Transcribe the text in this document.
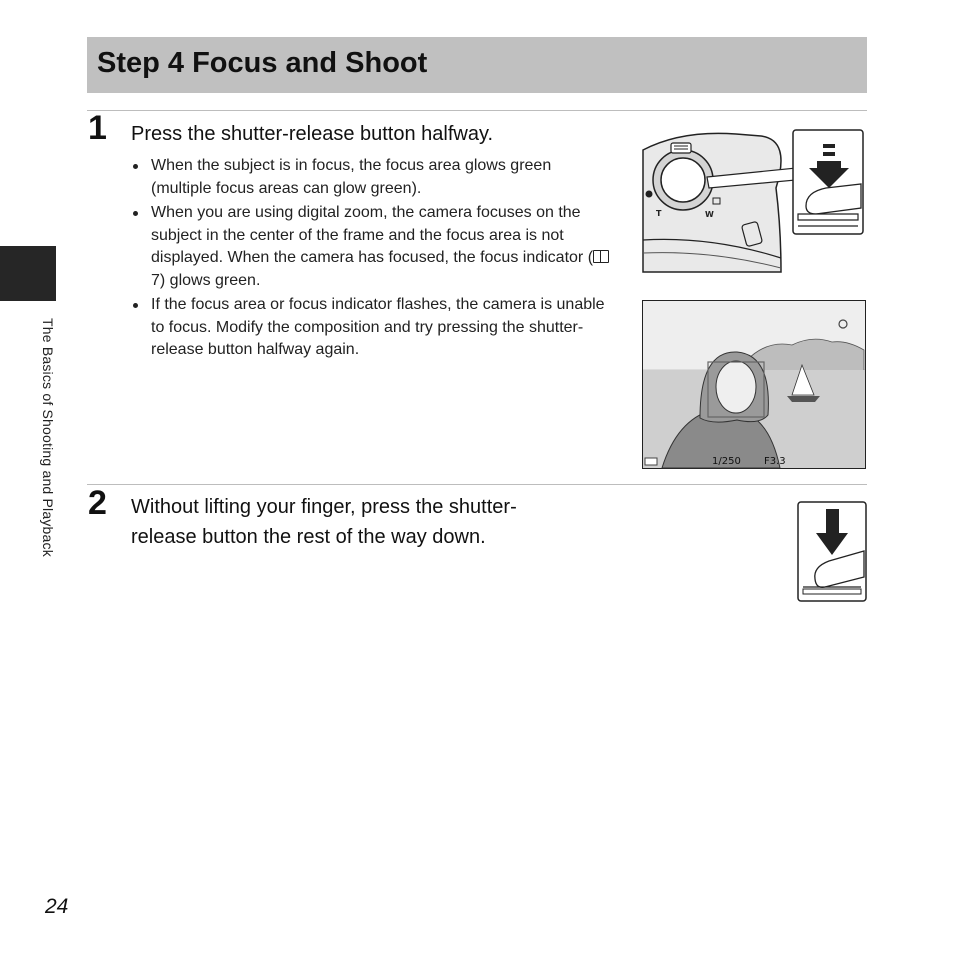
Step 4 Focus and Shoot
1 Press the shutter-release button halfway.
When the subject is in focus, the focus area glows green (multiple focus areas can glow green).
When you are using digital zoom, the camera focuses on the subject in the center of the frame and the focus area is not displayed. When the camera has focused, the focus indicator ( 7) glows green.
If the focus area or focus indicator flashes, the camera is unable to focus. Modify the composition and try pressing the shutter-release button halfway again.
T	W
1/250 F3.3
2 Without lifting your finger, press the shutter-
release button the rest of the way down.
The Basics of Shooting and Playback
24
